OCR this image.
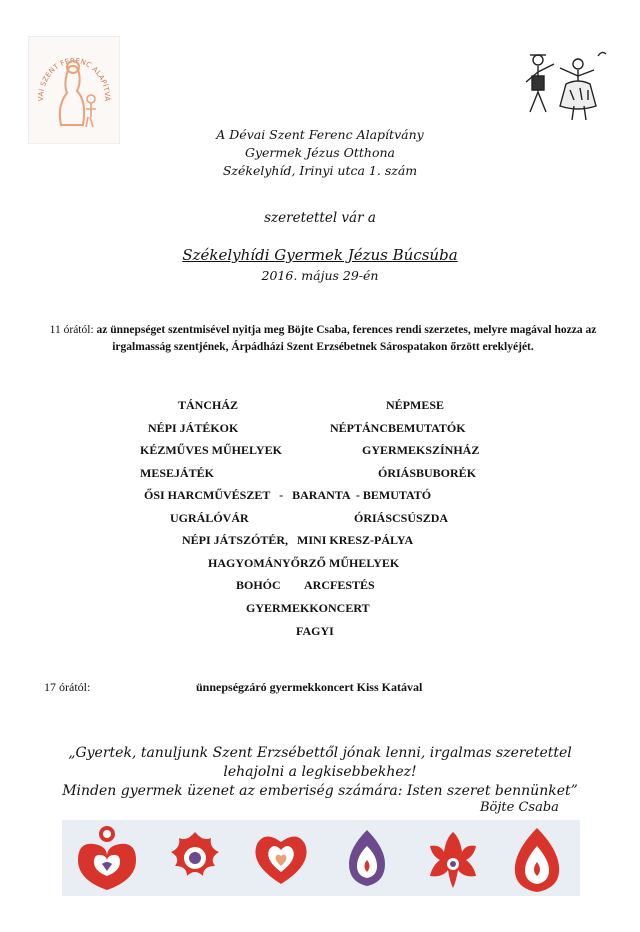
VAI SZENT FERENC ALAPÍTVÁ
A Dévai Szent Ferenc Alapítvány
Gyermek Jézus Otthona
Székelyhíd, Irinyi utca 1. szám
szeretettel vár a
Székelyhídi Gyermek Jézus Búcsúba
2016. május 29-én
11 órától: az ünnepséget szentmisével nyitja meg Böjte Csaba, ferences rendi szerzetes, melyre magával hozza az irgalmasság szentjének, Árpádházi Szent Erzsébetnek Sárospatakon őrzött ereklyéjét.
TÁNCHÁZ	NÉPMESE
NÉPI JÁTÉKOK	NÉPTÁNCBEMUTATÓK
KÉZMŰVES MŰHELYEK	GYERMEKSZÍNHÁZ
MESEJÁTÉK	ÓRIÁSBUBORÉK
ŐSI HARCMŰVÉSZET   -   BARANTA  - BEMUTATÓ
UGRÁLÓVÁR	ÓRIÁSCSÚSZDA
NÉPI JÁTSZÓTÉR,   MINI KRESZ-PÁLYA
HAGYOMÁNYŐRZŐ MŰHELYEK
BOHÓC        ARCFESTÉS
GYERMEKKONCERT
FAGYI
17 órától:	ünnepségzáró gyermekkoncert Kiss Katával
„Gyertek, tanuljunk Szent Erzsébettől jónak lenni, irgalmas szeretettel
lehajolni a legkisebbekhez!
Minden gyermek üzenet az emberiség számára: Isten szeret bennünket”
Böjte Csaba
